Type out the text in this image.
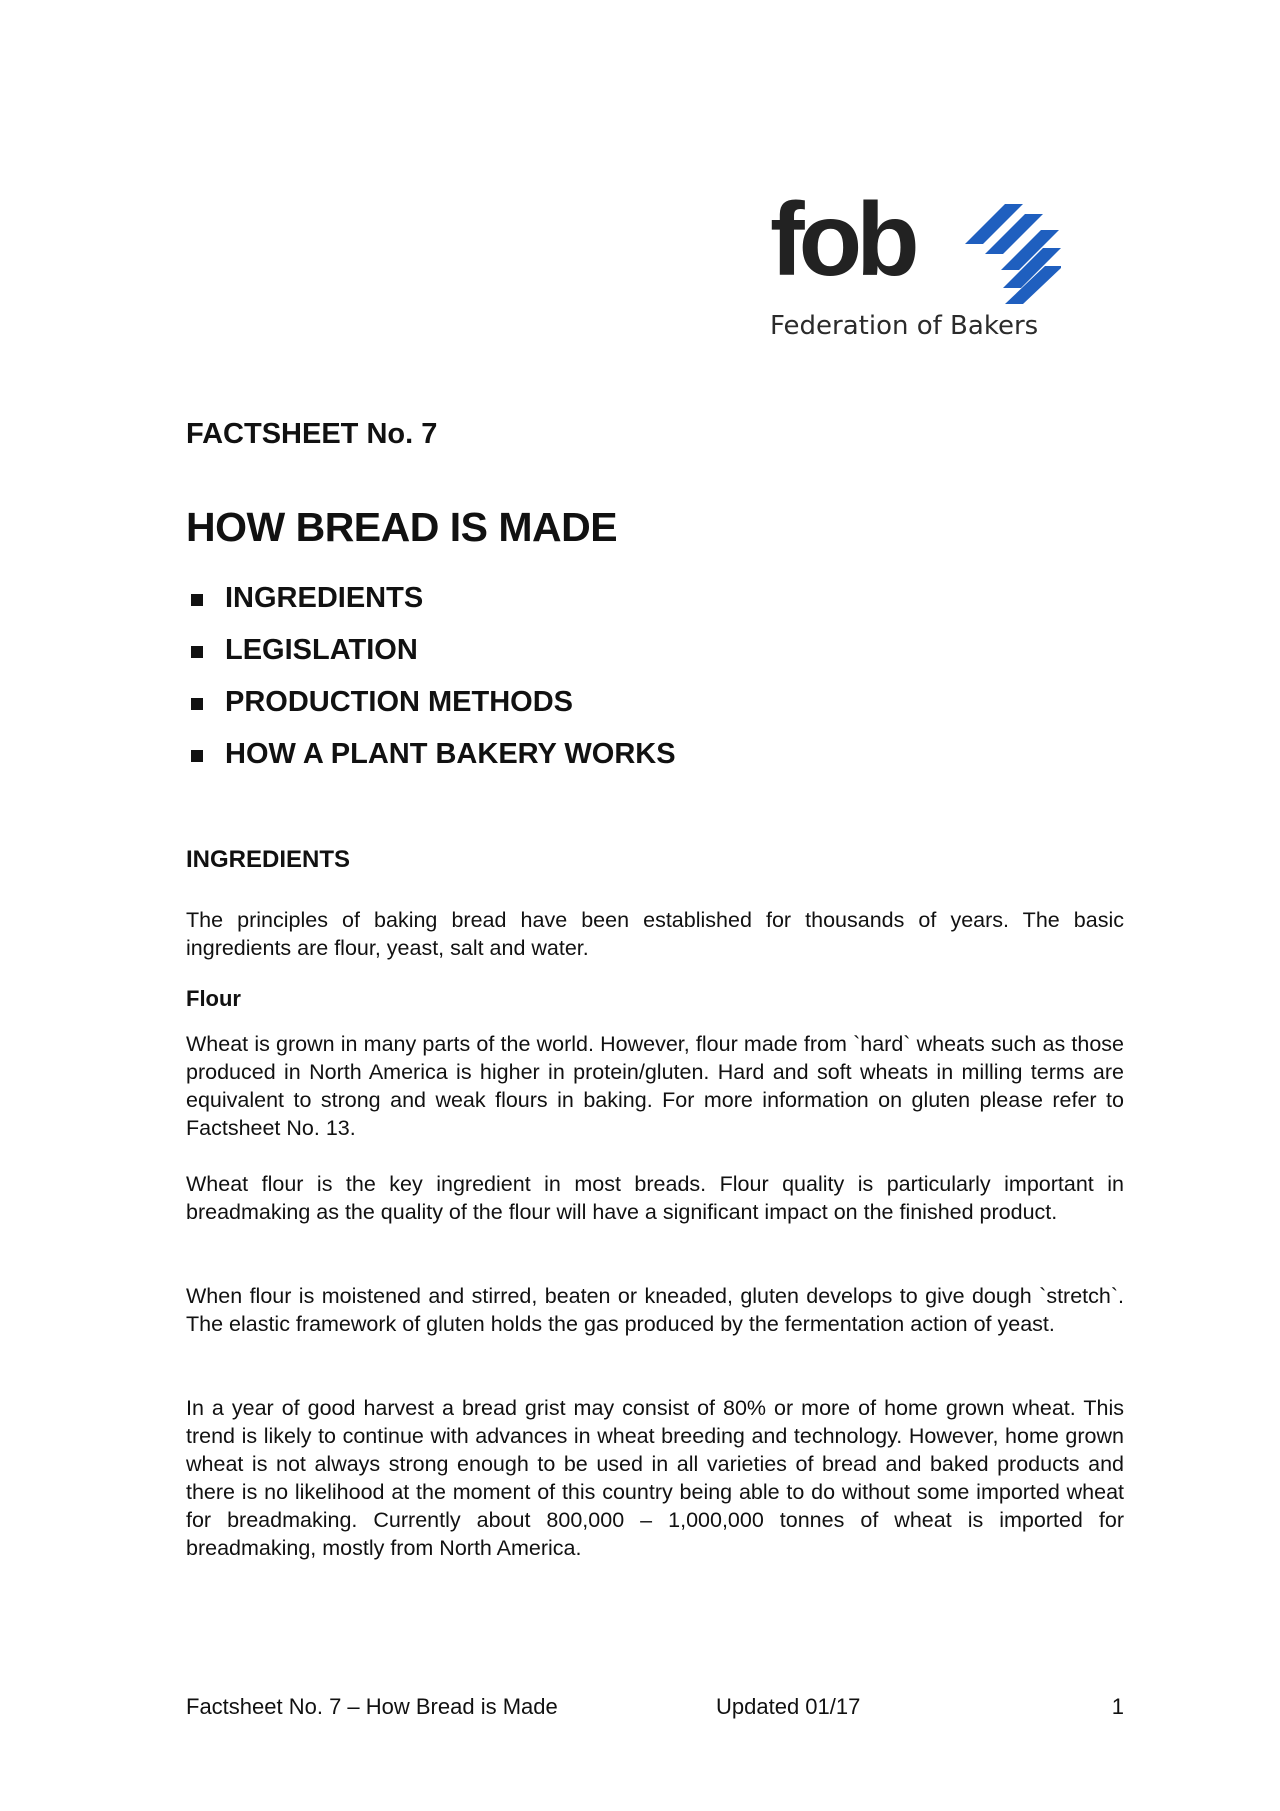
fob
Federation of Bakers
FACTSHEET No. 7
HOW BREAD IS MADE
INGREDIENTS
LEGISLATION
PRODUCTION METHODS
HOW A PLANT BAKERY WORKS
INGREDIENTS

The principles of baking bread have been established for thousands of years. The basic ingredients are flour, yeast, salt and water.

Flour

Wheat is grown in many parts of the world. However, flour made from `hard` wheats such as those produced in North America is higher in protein/gluten. Hard and soft wheats in milling terms are equivalent to strong and weak flours in baking. For more information on gluten please refer to Factsheet No. 13.

Wheat flour is the key ingredient in most breads. Flour quality is particularly important in breadmaking as the quality of the flour will have a significant impact on the finished product.

When flour is moistened and stirred, beaten or kneaded, gluten develops to give dough `stretch`. The elastic framework of gluten holds the gas produced by the fermentation action of yeast.

In a year of good harvest a bread grist may consist of 80% or more of home grown wheat. This trend is likely to continue with advances in wheat breeding and technology. However, home grown wheat is not always strong enough to be used in all varieties of bread and baked products and there is no likelihood at the moment of this country being able to do without some imported wheat for breadmaking. Currently about 800,000 – 1,000,000 tonnes of wheat is imported for breadmaking, mostly from North America.

Factsheet No. 7 – How Bread is Made	Updated 01/17	1
